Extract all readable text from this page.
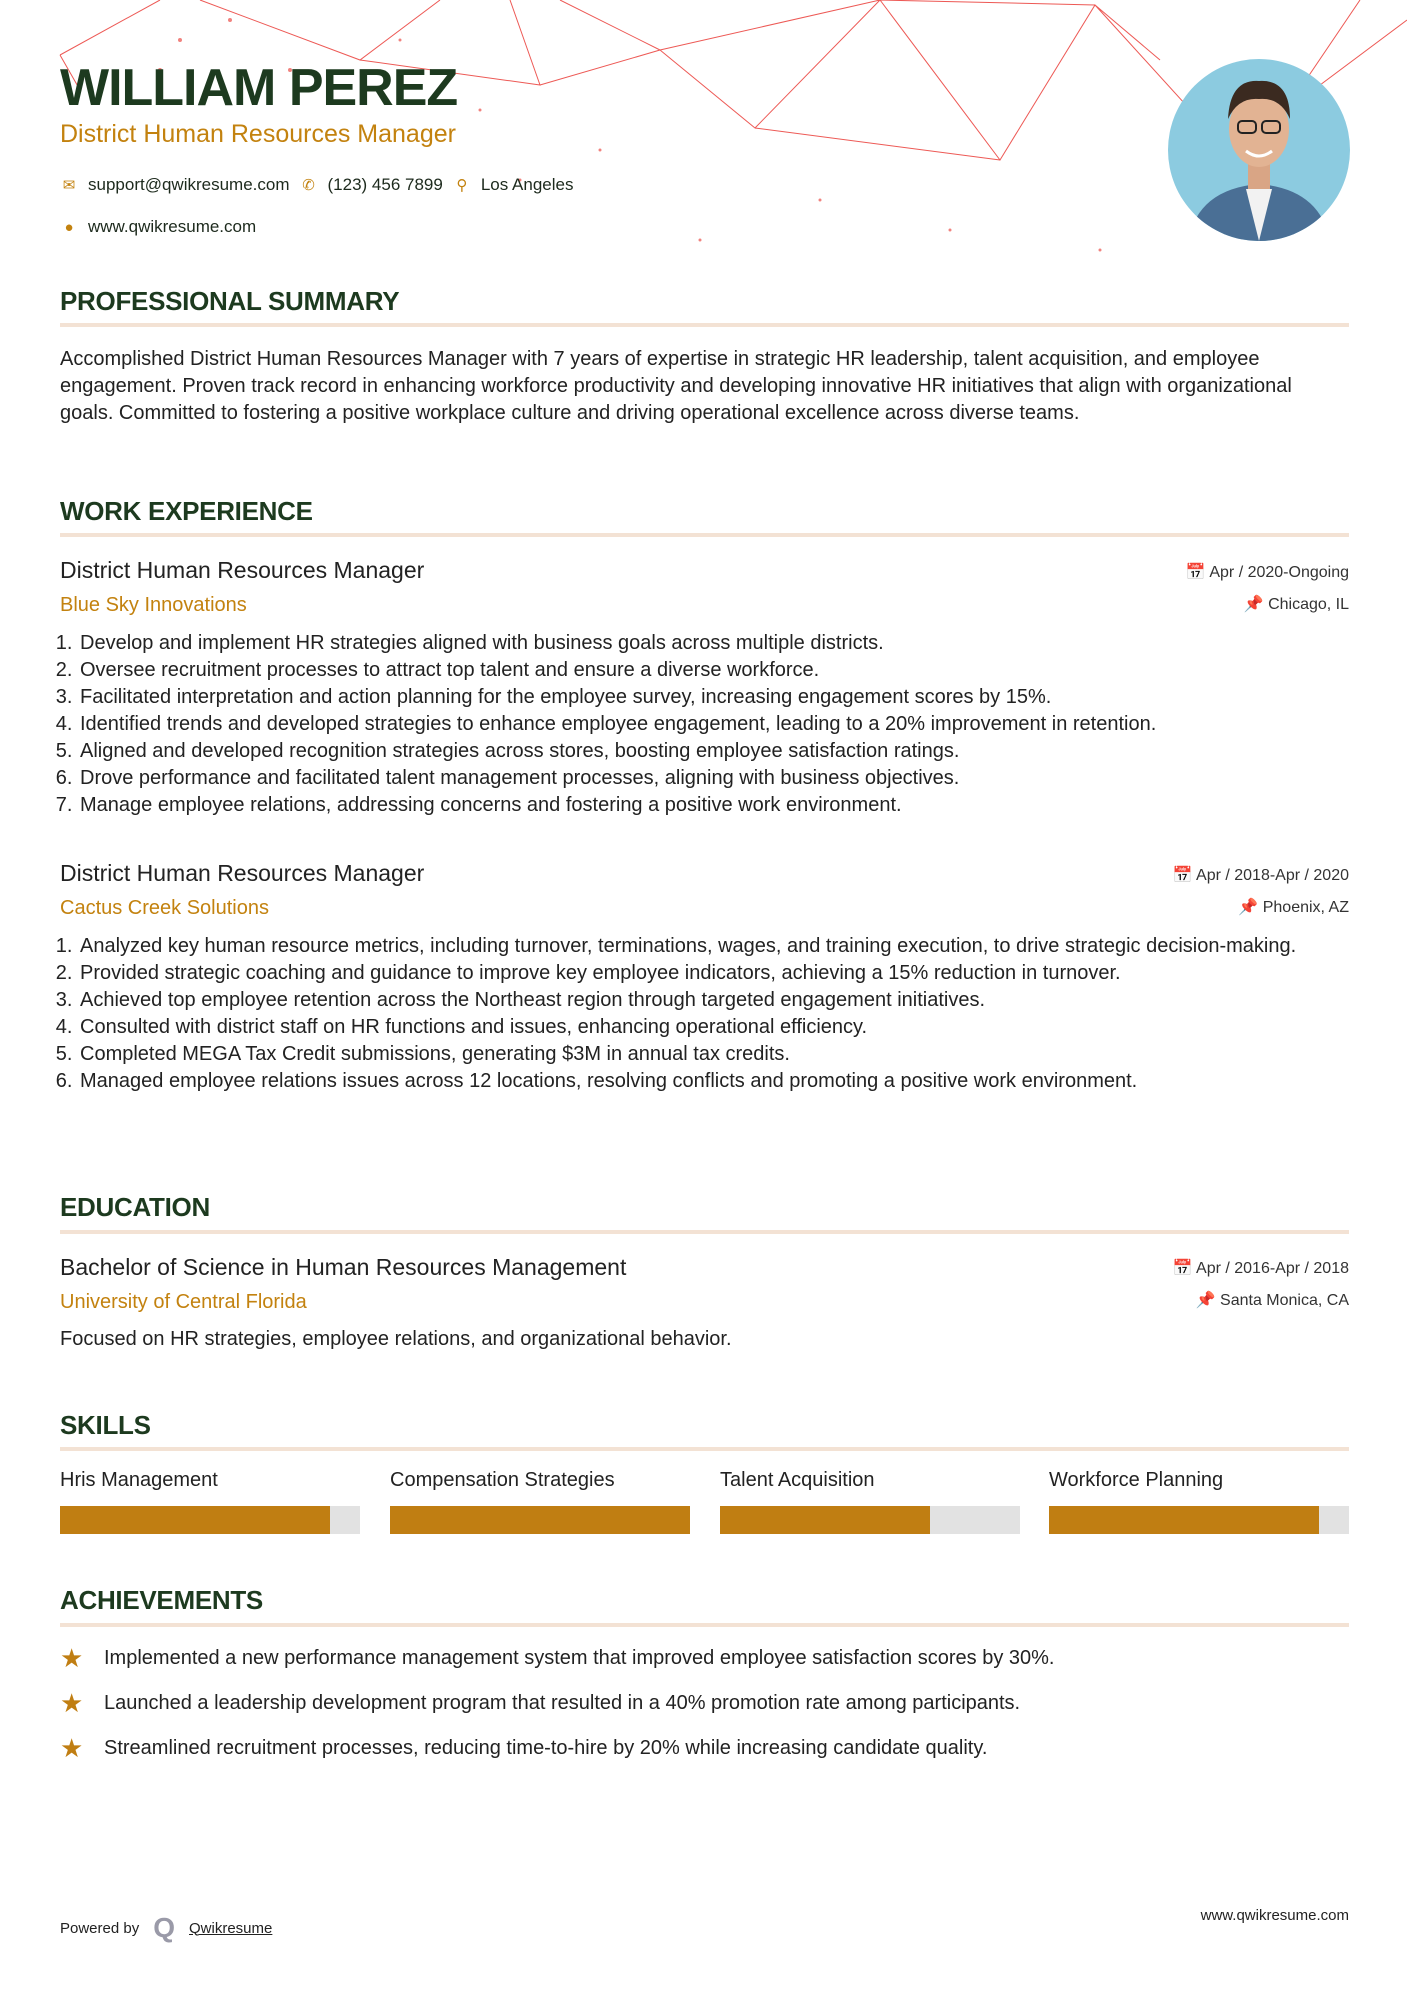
WILLIAM PEREZ
District Human Resources Manager
✉ support@qwikresume.com ✆ (123) 456 7899 ⚲ Los Angeles
● www.qwikresume.com
PROFESSIONAL SUMMARY
Accomplished District Human Resources Manager with 7 years of expertise in strategic HR leadership, talent acquisition, and employee engagement. Proven track record in enhancing workforce productivity and developing innovative HR initiatives that align with organizational goals. Committed to fostering a positive workplace culture and driving operational excellence across diverse teams.
WORK EXPERIENCE
District Human Resources Manager	📅 Apr / 2020-Ongoing
Blue Sky Innovations	📌 Chicago, IL
1. Develop and implement HR strategies aligned with business goals across multiple districts.
2. Oversee recruitment processes to attract top talent and ensure a diverse workforce.
3. Facilitated interpretation and action planning for the employee survey, increasing engagement scores by 15%.
4. Identified trends and developed strategies to enhance employee engagement, leading to a 20% improvement in retention.
5. Aligned and developed recognition strategies across stores, boosting employee satisfaction ratings.
6. Drove performance and facilitated talent management processes, aligning with business objectives.
7. Manage employee relations, addressing concerns and fostering a positive work environment.
District Human Resources Manager	📅 Apr / 2018-Apr / 2020
Cactus Creek Solutions	📌 Phoenix, AZ
1. Analyzed key human resource metrics, including turnover, terminations, wages, and training execution, to drive strategic decision-making.
2. Provided strategic coaching and guidance to improve key employee indicators, achieving a 15% reduction in turnover.
3. Achieved top employee retention across the Northeast region through targeted engagement initiatives.
4. Consulted with district staff on HR functions and issues, enhancing operational efficiency.
5. Completed MEGA Tax Credit submissions, generating $3M in annual tax credits.
6. Managed employee relations issues across 12 locations, resolving conflicts and promoting a positive work environment.
EDUCATION
Bachelor of Science in Human Resources Management	📅 Apr / 2016-Apr / 2018
University of Central Florida	📌 Santa Monica, CA
Focused on HR strategies, employee relations, and organizational behavior.
SKILLS
Hris Management	Compensation Strategies	Talent Acquisition	Workforce Planning
ACHIEVEMENTS
★	Implemented a new performance management system that improved employee satisfaction scores by 30%.
★	Launched a leadership development program that resulted in a 40% promotion rate among participants.
★	Streamlined recruitment processes, reducing time-to-hire by 20% while increasing candidate quality.
Powered by Q Qwikresume
www.qwikresume.com
